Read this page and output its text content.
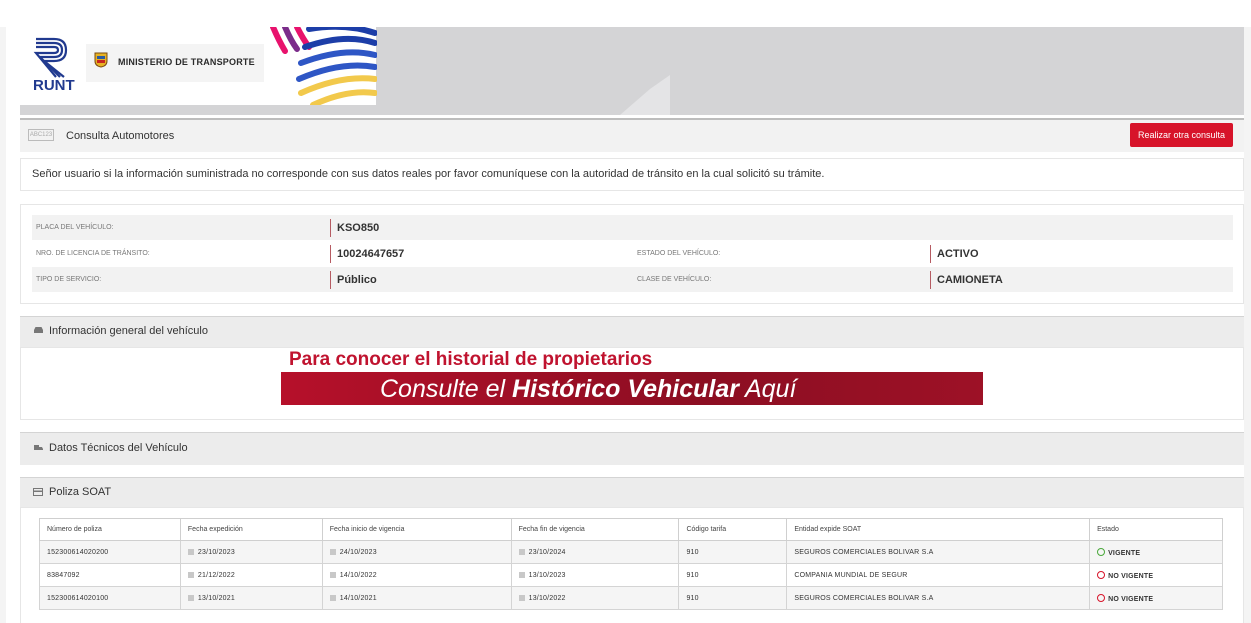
RUNT
MINISTERIO DE TRANSPORTE
ABC123 Consulta Automotores	Realizar otra consulta
Señor usuario si la información suministrada no corresponde con sus datos reales por favor comuníquese con la autoridad de tránsito en la cual solicitó su trámite.
PLACA DEL VEHÍCULO:	KSO850
NRO. DE LICENCIA DE TRÁNSITO:	10024647657	ESTADO DEL VEHÍCULO:	ACTIVO
TIPO DE SERVICIO:	Público	CLASE DE VEHÍCULO:	CAMIONETA
Información general del vehículo
Para conocer el historial de propietarios
Consulte el Histórico Vehicular Aquí
Datos Técnicos del Vehículo
Poliza SOAT
Número de poliza	Fecha expedición	Fecha inicio de vigencia	Fecha fin de vigencia	Código tarifa	Entidad expide SOAT	Estado
152300614020200	23/10/2023	24/10/2023	23/10/2024	910	SEGUROS COMERCIALES BOLIVAR S.A	VIGENTE
83847092	21/12/2022	14/10/2022	13/10/2023	910	COMPANIA MUNDIAL DE SEGUR	NO VIGENTE
152300614020100	13/10/2021	14/10/2021	13/10/2022	910	SEGUROS COMERCIALES BOLIVAR S.A	NO VIGENTE
